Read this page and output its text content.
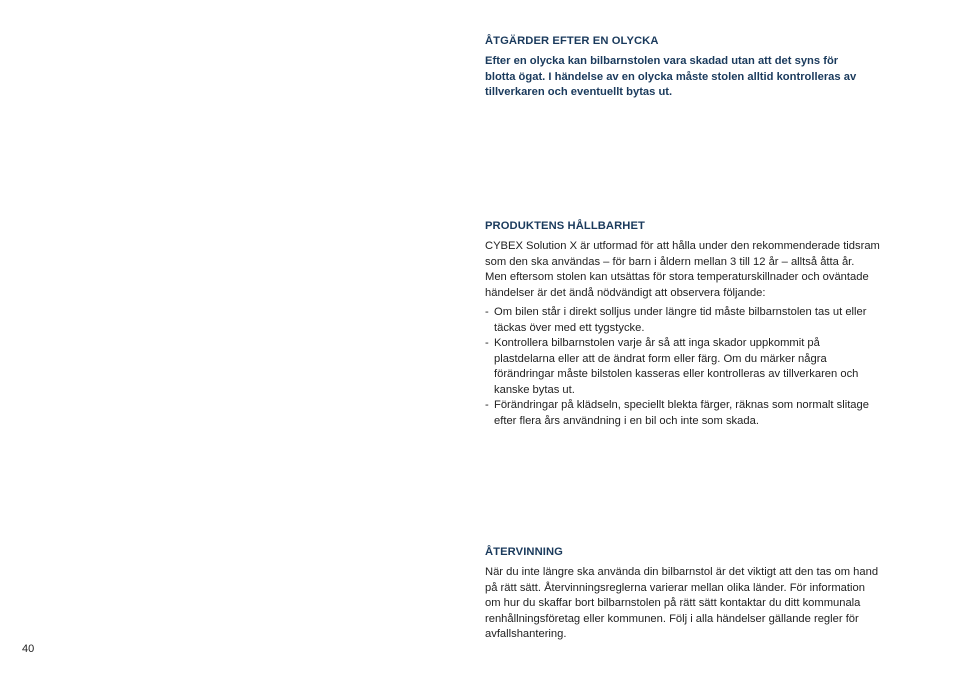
ÅTGÄRDER EFTER EN OLYCKA

Efter en olycka kan bilbarnstolen vara skadad utan att det syns för
blotta ögat. I händelse av en olycka måste stolen alltid kontrolleras av
tillverkaren och eventuellt bytas ut.

PRODUKTENS HÅLLBARHET

CYBEX Solution X är utformad för att hålla under den rekommenderade tidsram
som den ska användas – för barn i åldern mellan 3 till 12 år – alltså åtta år.
Men eftersom stolen kan utsättas för stora temperaturskillnader och oväntade
händelser är det ändå nödvändigt att observera följande:

- Om bilen står i direkt solljus under längre tid måste bilbarnstolen tas ut eller
täckas över med ett tygstycke.
- Kontrollera bilbarnstolen varje år så att inga skador uppkommit på
plastdelarna eller att de ändrat form eller färg. Om du märker några
förändringar måste bilstolen kasseras eller kontrolleras av tillverkaren och
kanske bytas ut.
- Förändringar på klädseln, speciellt blekta färger, räknas som normalt slitage
efter flera års användning i en bil och inte som skada.
ÅTERVINNING

När du inte längre ska använda din bilbarnstol är det viktigt att den tas om hand
på rätt sätt. Återvinningsreglerna varierar mellan olika länder. För information
om hur du skaffar bort bilbarnstolen på rätt sätt kontaktar du ditt kommunala
renhållningsföretag eller kommunen. Följ i alla händelser gällande regler för
avfallshantering.

40
